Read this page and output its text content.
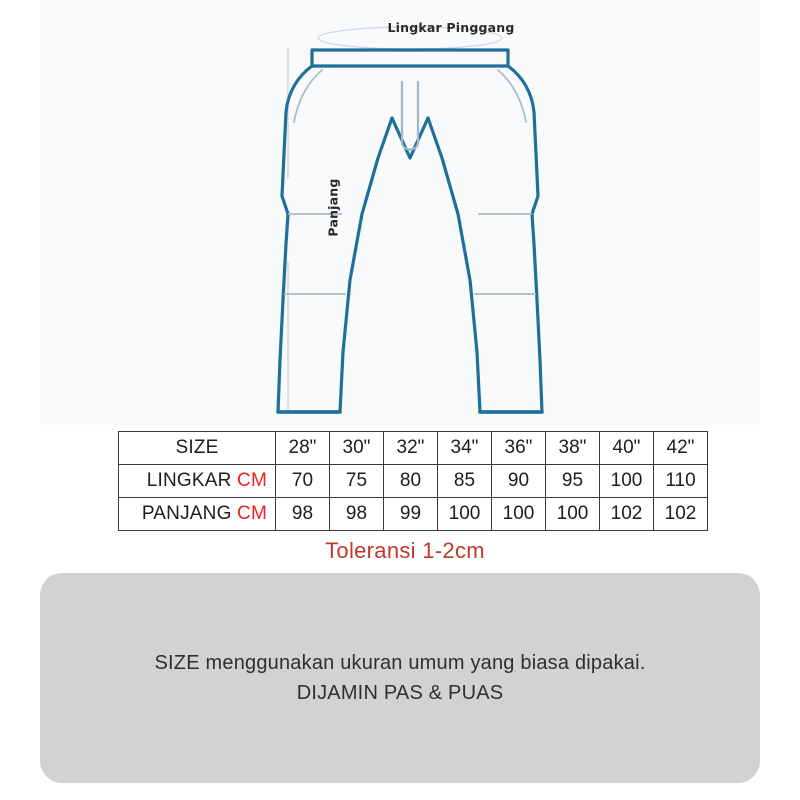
Lingkar Pinggang
Panjang
SIZE	28"	30"	32"	34"	36"	38"	40"	42"
LINGKAR CM	70	75	80	85	90	95	100	110
PANJANG CM	98	98	99	100	100	100	102	102
Toleransi 1-2cm
SIZE menggunakan ukuran umum yang biasa dipakai.
DIJAMIN PAS & PUAS
